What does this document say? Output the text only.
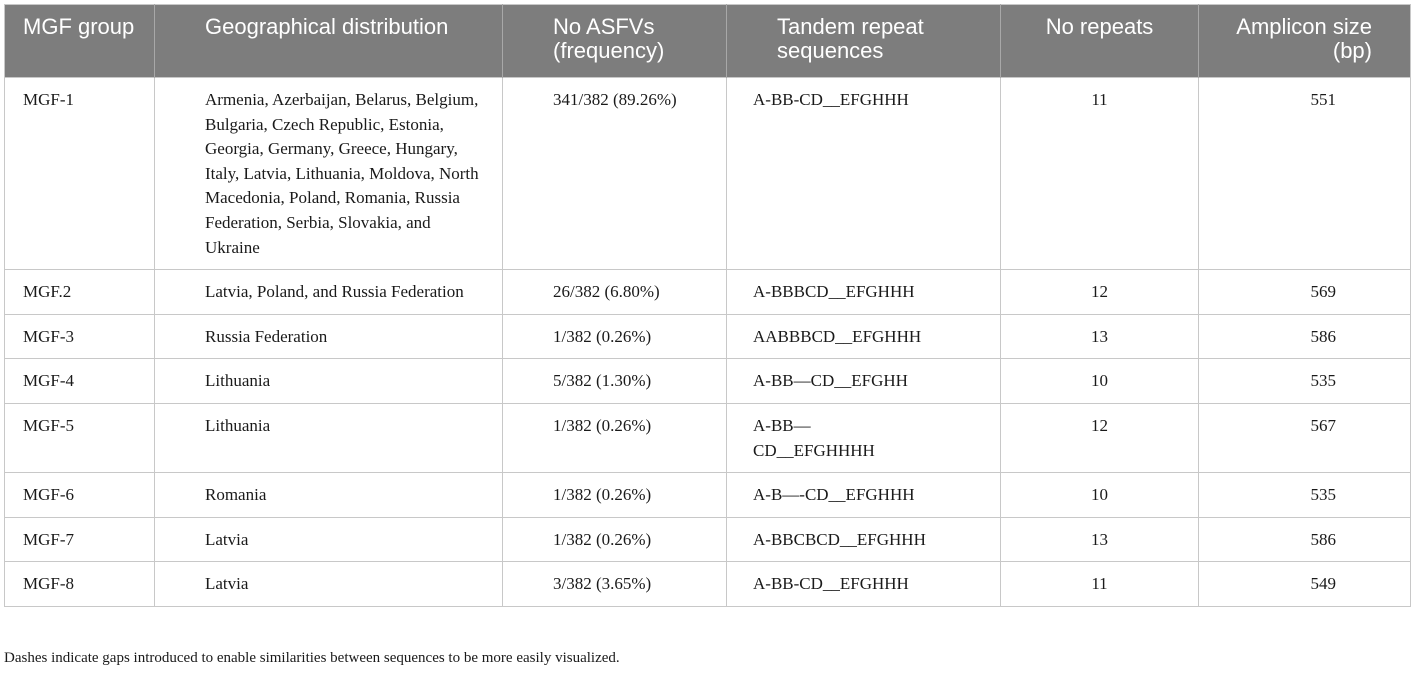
MGF group	Geographical distribution	No ASFVs (frequency)	Tandem repeat sequences	No repeats	Amplicon size (bp)
MGF-1	Armenia, Azerbaijan, Belarus, Belgium, Bulgaria, Czech Republic, Estonia, Georgia, Germany, Greece, Hungary, Italy, Latvia, Lithuania, Moldova, North Macedonia, Poland, Romania, Russia Federation, Serbia, Slovakia, and Ukraine	341/382 (89.26%)	A-BB-CD__EFGHHH	11	551
MGF.2	Latvia, Poland, and Russia Federation	26/382 (6.80%)	A-BBBCD__EFGHHH	12	569
MGF-3	Russia Federation	1/382 (0.26%)	AABBBCD__EFGHHH	13	586
MGF-4	Lithuania	5/382 (1.30%)	A-BB—CD__EFGHH	10	535
MGF-5	Lithuania	1/382 (0.26%)	A-BB—CD__EFGHHHH	12	567
MGF-6	Romania	1/382 (0.26%)	A-B—-CD__EFGHHH	10	535
MGF-7	Latvia	1/382 (0.26%)	A-BBCBCD__EFGHHH	13	586
MGF-8	Latvia	3/382 (3.65%)	A-BB-CD__EFGHHH	11	549
Dashes indicate gaps introduced to enable similarities between sequences to be more easily visualized.
